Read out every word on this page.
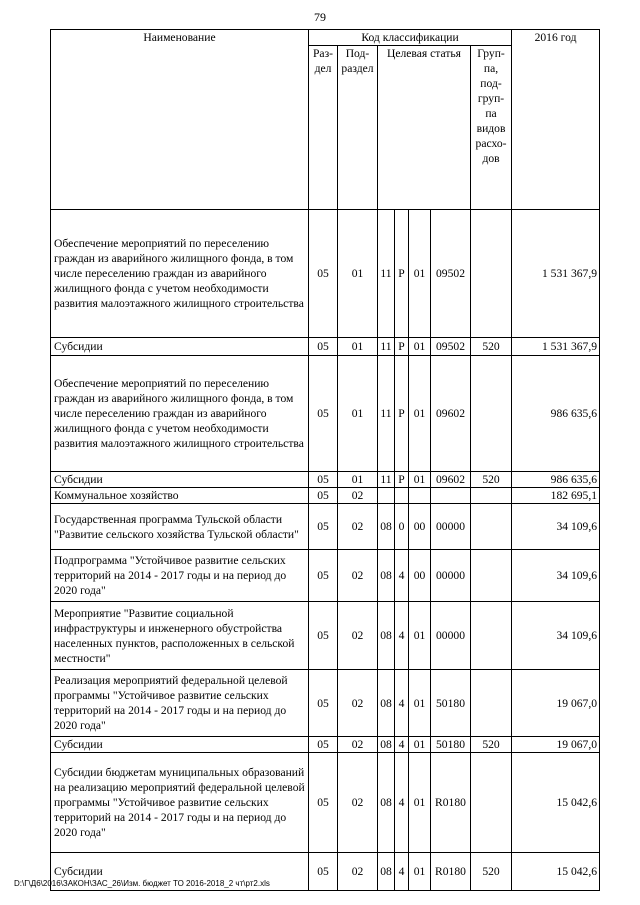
79
Наименование	Код классификации							2016 год
	Раз-дел	Под-раздел	Целевая статья				Груп-па, под-груп-па видов расхо-дов	
Обеспечение мероприятий по переселению граждан из аварийного жилищного фонда, в том числе переселению граждан из аварийного жилищного фонда с учетом необходимости развития малоэтажного жилищного строительства	05	01	11	Р	01	09502		1 531 367,9
Субсидии	05	01	11	Р	01	09502	520	1 531 367,9
Обеспечение мероприятий по переселению граждан из аварийного жилищного фонда, в том числе переселению граждан из аварийного жилищного фонда с учетом необходимости развития малоэтажного жилищного строительства	05	01	11	Р	01	09602		986 635,6
Субсидии	05	01	11	Р	01	09602	520	986 635,6
Коммунальное хозяйство	05	02						182 695,1
Государственная программа Тульской области "Развитие сельского хозяйства Тульской области"	05	02	08	0	00	00000		34 109,6
Подпрограмма "Устойчивое развитие сельских территорий на 2014 - 2017 годы и на период до 2020 года"	05	02	08	4	00	00000		34 109,6
Мероприятие "Развитие социальной инфраструктуры и инженерного обустройства населенных пунктов, расположенных в сельской местности"	05	02	08	4	01	00000		34 109,6
Реализация мероприятий федеральной целевой программы "Устойчивое развитие сельских территорий на 2014 - 2017 годы и на период до 2020 года"	05	02	08	4	01	50180		19 067,0
Субсидии	05	02	08	4	01	50180	520	19 067,0
Субсидии бюджетам муниципальных образований на реализацию мероприятий федеральной целевой программы "Устойчивое развитие сельских территорий на 2014 - 2017 годы и на период до 2020 года"	05	02	08	4	01	R0180		15 042,6
Субсидии	05	02	08	4	01	R0180	520	15 042,6
D:\Г\Д6\2016\ЗАКОН\ЗАС_26\Изм. бюджет ТО 2016-2018_2 чт\рт2.xls
